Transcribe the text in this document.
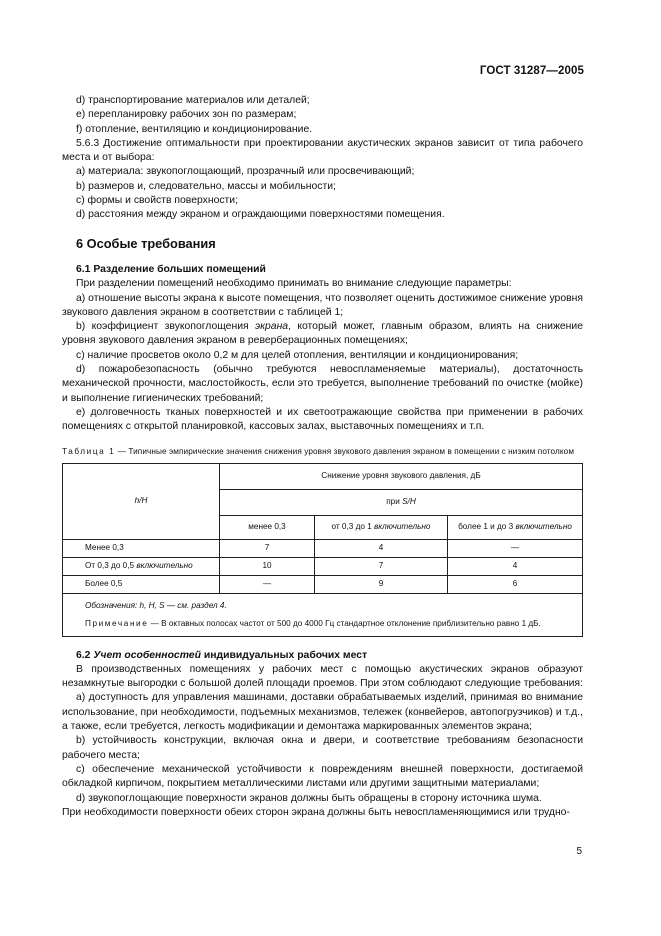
ГОСТ 31287—2005

d) транспортирование материалов или деталей;

e) перепланировку рабочих зон по размерам;

f) отопление, вентиляцию и кондиционирование.

5.6.3 Достижение оптимальности при проектировании акустических экранов зависит от типа рабочего места и от выбора:

a) материала: звукопоглощающий, прозрачный или просвечивающий;

b) размеров и, следовательно, массы и мобильности;

c) формы и свойств поверхности;

d) расстояния между экраном и ограждающими поверхностями помещения.

6 Особые требования

6.1 Разделение больших помещений

При разделении помещений необходимо принимать во внимание следующие параметры:

a) отношение высоты экрана к высоте помещения, что позволяет оценить достижимое снижение уровня звукового давления экраном в соответствии с таблицей 1;

b) коэффициент звукопоглощения экрана, который может, главным образом, влиять на снижение уровня звукового давления экраном в реверберационных помещениях;

c) наличие просветов около 0,2 м для целей отопления, вентиляции и кондиционирования;

d) пожаробезопасность (обычно требуются невоспламеняемые материалы), достаточность механической прочности, маслостойкость, если это требуется, выполнение требований по очистке (мойке) и выполнение гигиенических требований;

e) долговечность тканых поверхностей и их светоотражающие свойства при применении в рабочих помещениях с открытой планировкой, кассовых залах, выставочных помещениях и т.п.

Таблица 1 — Типичные эмпирические значения снижения уровня звукового давления экраном в помещении с низким потолком

h/H	Снижение уровня звукового давления, дБ		
	при S/H		
	менее 0,3	от 0,3 до 1 включительно	более 1 и до 3 включительно
Менее 0,3	7	4	—
От 0,3 до 0,5 включительно	10	7	4
Более 0,5	—	9	6

Обозначения: h, H, S — см. раздел 4.
Примечание — В октавных полосах частот от 500 до 4000 Гц стандартное отклонение приблизительно равно 1 дБ.			

6.2 Учет особенностей индивидуальных рабочих мест

В производственных помещениях у рабочих мест с помощью акустических экранов образуют незамкнутые выгородки с большой долей площади проемов. При этом соблюдают следующие требования:

a) доступность для управления машинами, доставки обрабатываемых изделий, принимая во внимание использование, при необходимости, подъемных механизмов, тележек (конвейеров, автопогрузчиков) и т.д., а также, если требуется, легкость модификации и демонтажа маркированных элементов экрана;

b) устойчивость конструкции, включая окна и двери, и соответствие требованиям безопасности рабочего места;

c) обеспечение механической устойчивости к повреждениям внешней поверхности, достигаемой обкладкой кирпичом, покрытием металлическими листами или другими защитными материалами;

d) звукопоглощающие поверхности экранов должны быть обращены в сторону источника шума.

При необходимости поверхности обеих сторон экрана должны быть невоспламеняющимися или трудно-

5
